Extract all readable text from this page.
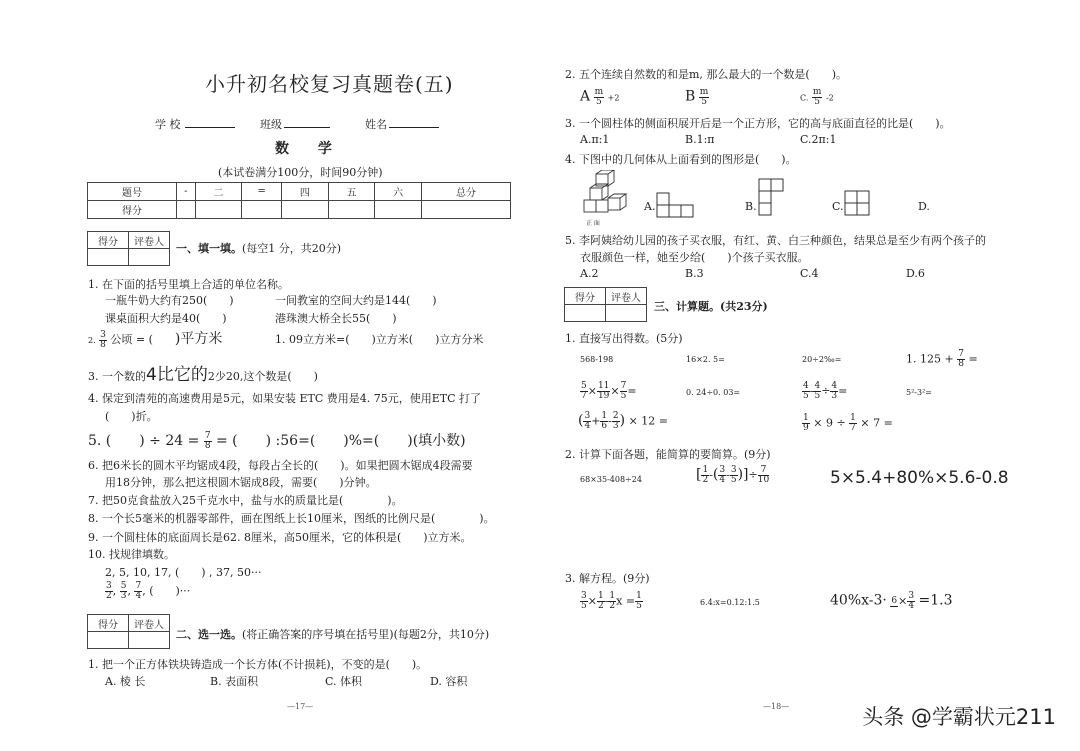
小升初名校复习真题卷(五)
学 校	班级	姓名
数 学
(本试卷满分100分，时间90分钟)
题号	-	二	=	四	五	六	总分
得分							
得分	评卷人
	一、填一填。(每空1 分，共20分)
1. 在下面的括号里填上合适的单位名称。
一瓶牛奶大约有250(　　)	一间教室的空间大约是144(　　)
课桌面积大约是40(　　)	港珠澳大桥全长55(　　)
2. $\frac{3}{8}$ 公顷 = ( )平方米	1. 09立方米=(　　)立方米(　　)立方分米
3. 一个数的4比它的2少20,这个数是(　　)
4. 保定到清苑的高速费用是5元，如果安装 ETC 费用是4. 75元，使用ETC 打了
(　　)折。
5. (　　) ÷ $24 = \frac{7}{8}$ = (　　) :56=(　　)%=(　　)(填小数)
6. 把6米长的圆木平均锯成4段，每段占全长的(　　)。如果把圆木锯成4段需要
用18分钟，那么把这根圆木锯成8段，需要(　　)分钟。
7. 把50克食盐放入25千克水中，盐与水的质量比是(　　　　)。
8. 一个长5毫米的机器零部件，画在图纸上长10厘米，图纸的比例尺是(　　　　)。
9. 一个圆柱体的底面周长是62. 8厘米，高50厘米，它的体积是(　　)立方米。
10. 找规律填数。
2, 5, 10, 17, (　　) , 37, 50···
$\frac{3}{2}$ , $\frac{5}{3}$ , $\frac{7}{4}$ , (　　)···
得分	评卷人

二、选一选。(将正确答案的序号填在括号里)(每题2分，共10分)
1. 把一个正方体铁块铸造成一个长方体(不计损耗)，不变的是(　　)。
A. 棱 长	B. 表面积	C. 体积	D. 容积
—17—
2. 五个连续自然数的和是m, 那么最大的一个数是(　　)。
A $\frac{m}{5} +2$	B $\frac{m}{5}$	C. $\frac{m}{5} -2$
3. 一个圆柱体的侧面积展开后是一个正方形，它的高与底面直径的比是(　　)。
A.π:1	B.1:π	C.2π:1
4. 下图中的几何体从上面看到的图形是(　　)。
正 面
A.	B.	C.	D.
5. 李阿姨给幼儿园的孩子买衣服，有红、黄、白三种颜色，结果总是至少有两个孩子的
衣服颜色一样，她至少给(　　)个孩子买衣服。
A.2	B.3	C.4	D.6
得分	评卷人

三、计算题。(共23分)
1. 直接写出得数。(5分)
568-198	16×2. 5=	20÷2‰=	1. $125 + \frac{7}{8}$ =
$\frac{5}{7} \times \frac{11}{19} \times \frac{7}{5}$ =	0. 24÷0. 03=	$\frac{4}{5} - \frac{4}{5} \div \frac{4}{3}$ =	5²-3²=
( $\frac{3}{4} + \frac{1}{6} - \frac{2}{3}$ ) × 12 =	$\frac{1}{9} \times 9 \div \frac{1}{7} \times 7$ =
2. 计算下面各题，能简算的要简算。(9分)
68×35-408÷24	[ $\frac{1}{2}$ -( $\frac{3}{4} - \frac{3}{5}$ )]÷ $\frac{7}{10}$	5×5.4+80%×5.6-0.8
3. 解方程。(9分)
$\frac{3}{5} \times \frac{1}{2} - \frac{1}{2}$ $x = \frac{1}{5}$	6.4:x=0.12:1.5	$40\%x-3\cdot 6 \times \frac{3}{4} =1.3$
—18—	头条 @学霸状元211
